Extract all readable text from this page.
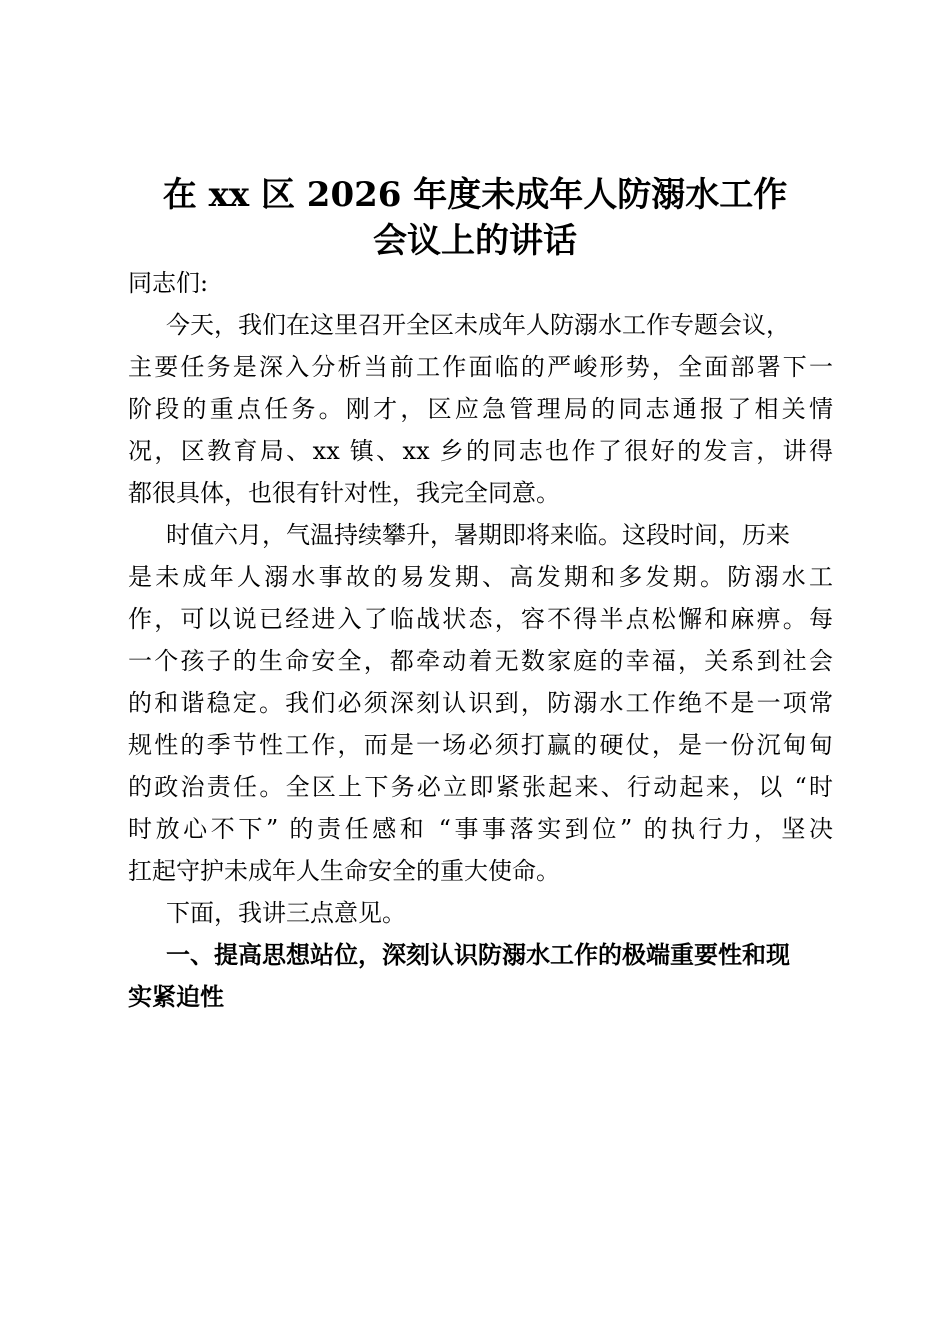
在 xx 区 2026 年度未成年人防溺水工作
会议上的讲话
同志们:
今天，我们在这里召开全区未成年人防溺水工作专题会议，
主要任务是深入分析当前工作面临的严峻形势，全面部署下一
阶段的重点任务。刚才，区应急管理局的同志通报了相关情
况，区教育局、xx 镇、xx 乡的同志也作了很好的发言，讲得
都很具体，也很有针对性，我完全同意。
时值六月，气温持续攀升，暑期即将来临。这段时间，历来
是未成年人溺水事故的易发期、高发期和多发期。防溺水工
作，可以说已经进入了临战状态，容不得半点松懈和麻痹。每
一个孩子的生命安全，都牵动着无数家庭的幸福，关系到社会
的和谐稳定。我们必须深刻认识到，防溺水工作绝不是一项常
规性的季节性工作，而是一场必须打赢的硬仗，是一份沉甸甸
的政治责任。全区上下务必立即紧张起来、行动起来，以 “时
时放心不下” 的责任感和 “事事落实到位” 的执行力，坚决
扛起守护未成年人生命安全的重大使命。
下面，我讲三点意见。
一、提高思想站位，深刻认识防溺水工作的极端重要性和现
实紧迫性
